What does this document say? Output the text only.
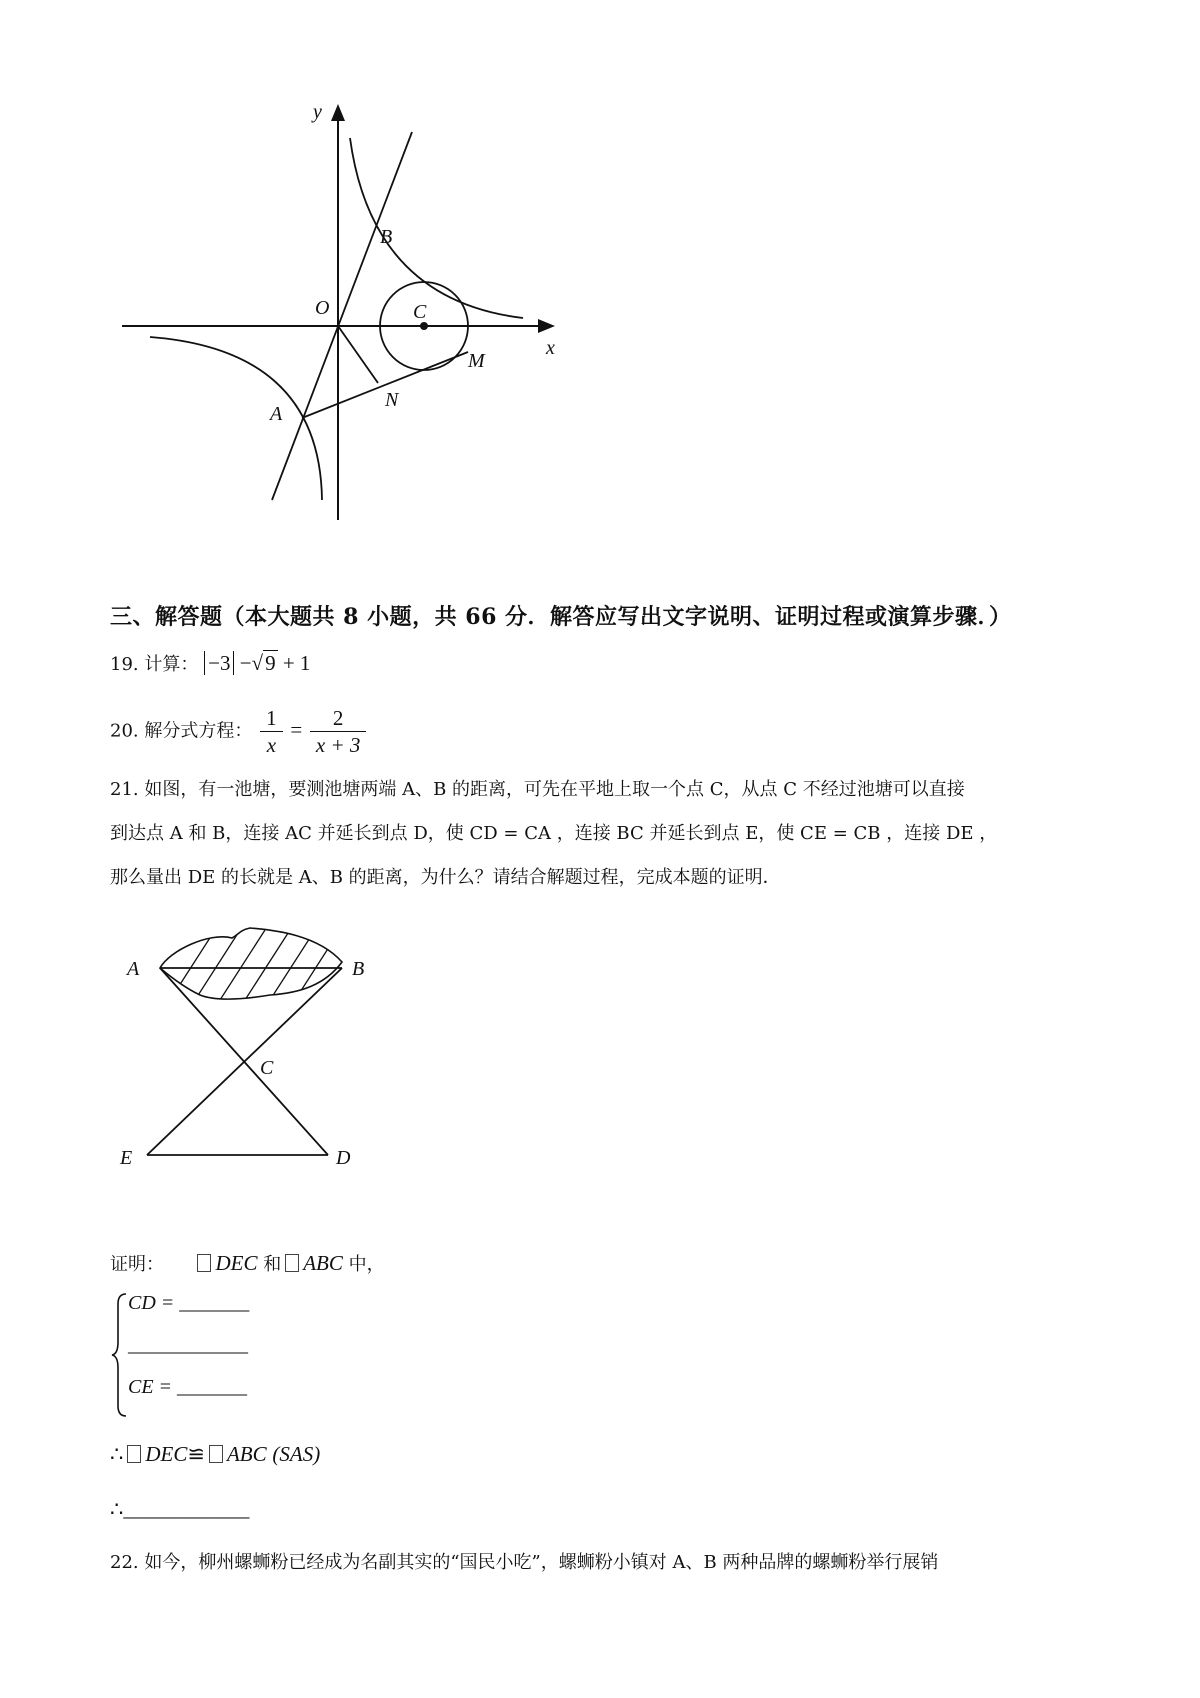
y
x
O
B
C
M
N
A
三、解答题（本大题共 8 小题，共 66 分．解答应写出文字说明、证明过程或演算步骤．）
19. 计算： −3 −√9 + 1
20. 解分式方程： $\frac{1}{x} = \frac{2}{x + 3}$
21. 如图，有一池塘，要测池塘两端 A、B 的距离，可先在平地上取一个点 C，从点 C 不经过池塘可以直接
到达点 A 和 B，连接 AC 并延长到点 D，使 CD = CA ，连接 BC 并延长到点 E，使 CE = CB ，连接 DE ，
那么量出 DE 的长就是 A、B 的距离，为什么？请结合解题过程，完成本题的证明．
A	B
C
E	D
证明： DEC 和 ABC 中，
CD = _______
____________
CE = _______
∴ DEC≌ ABC (SAS)
∴____________
22. 如今，柳州螺蛳粉已经成为名副其实的“国民小吃”，螺蛳粉小镇对 A、B 两种品牌的螺蛳粉举行展销
